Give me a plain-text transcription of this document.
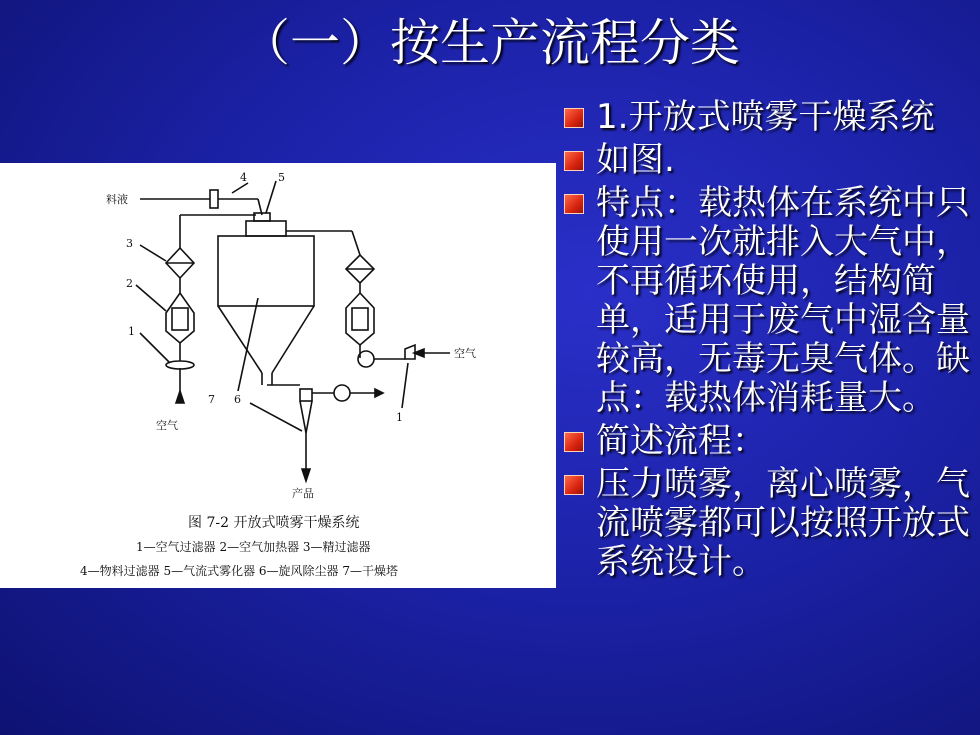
（一）按生产流程分类
料液
空气
空气
产品
3
2
1
4	5
7 6
1
图 7-2 开放式喷雾干燥系统
1—空气过滤器 2—空气加热器 3—精过滤器
4—物料过滤器 5—气流式雾化器 6—旋风除尘器 7—干燥塔
1.开放式喷雾干燥系统
如图.
特点：载热体在系统中只使用一次就排入大气中，不再循环使用，结构简单，适用于废气中湿含量较高，无毒无臭气体。缺点：载热体消耗量大。
简述流程：
压力喷雾，离心喷雾，气流喷雾都可以按照开放式系统设计。
